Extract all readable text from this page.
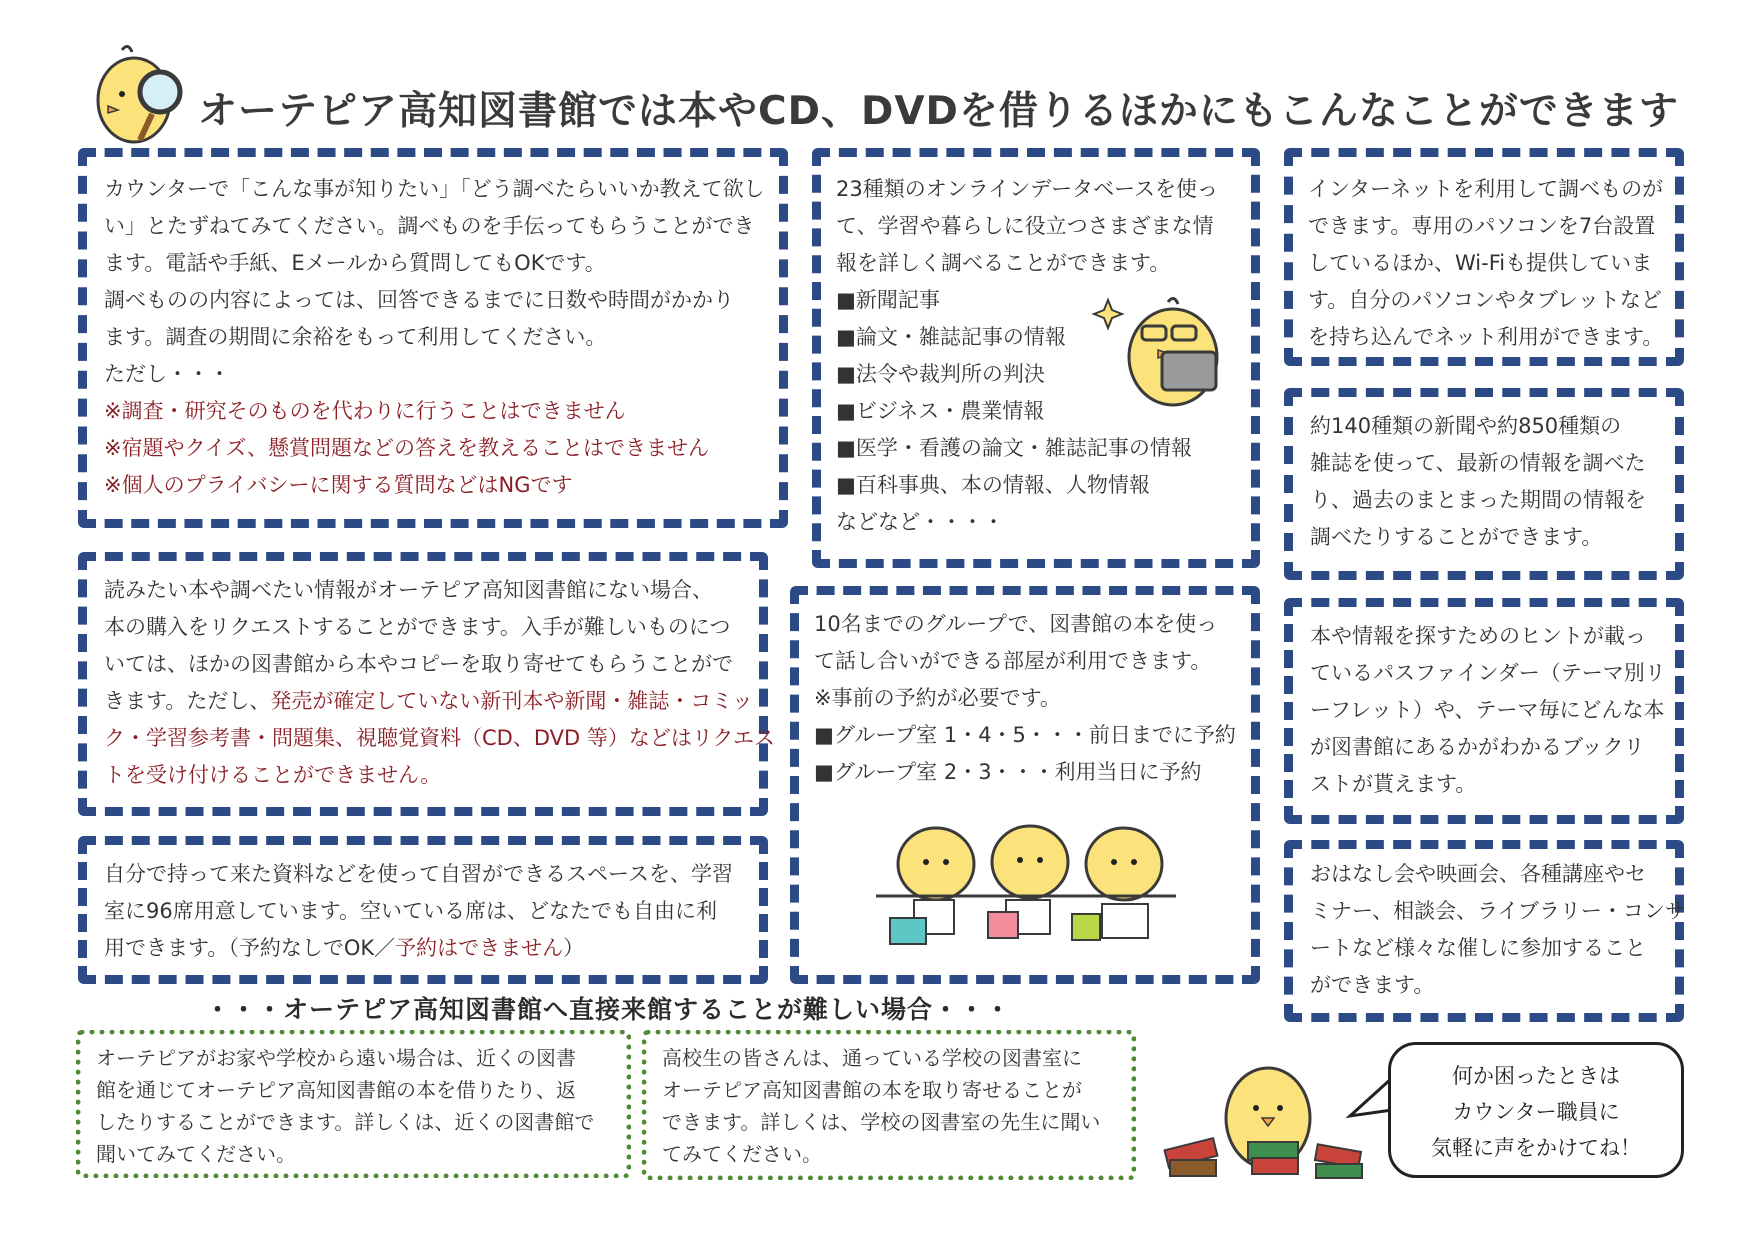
オーテピア高知図書館では本やCD、DVDを借りるほかにもこんなことができます
カウンターで「こんな事が知りたい」「どう調べたらいいか教えて欲し
い」とたずねてみてください。調べものを手伝ってもらうことができ
ます。電話や手紙、Eメールから質問してもOKです。
調べものの内容によっては、回答できるまでに日数や時間がかかり
ます。調査の期間に余裕をもって利用してください。
ただし・・・
※調査・研究そのものを代わりに行うことはできません
※宿題やクイズ、懸賞問題などの答えを教えることはできません
※個人のプライバシーに関する質問などはNGです
23種類のオンラインデータベースを使っ
て、学習や暮らしに役立つさまざまな情
報を詳しく調べることができます。
■新聞記事
■論文・雑誌記事の情報
■法令や裁判所の判決
■ビジネス・農業情報
■医学・看護の論文・雑誌記事の情報
■百科事典、本の情報、人物情報
などなど・・・・
インターネットを利用して調べものが
できます。専用のパソコンを7台設置
しているほか、Wi-Fiも提供していま
す。自分のパソコンやタブレットなど
を持ち込んでネット利用ができます。
約140種類の新聞や約850種類の
雑誌を使って、最新の情報を調べた
り、過去のまとまった期間の情報を
調べたりすることができます。
読みたい本や調べたい情報がオーテピア高知図書館にない場合、
本の購入をリクエストすることができます。入手が難しいものにつ
いては、ほかの図書館から本やコピーを取り寄せてもらうことがで
きます。ただし、発売が確定していない新刊本や新聞・雑誌・コミッ
ク・学習参考書・問題集、視聴覚資料（CD、DVD 等）などはリクエス
トを受け付けることができません。
10名までのグループで、図書館の本を使っ
て話し合いができる部屋が利用できます。
※事前の予約が必要です。
■グループ室 1・4・5・・・前日までに予約
■グループ室 2・3・・・利用当日に予約
本や情報を探すためのヒントが載っ
ているパスファインダー（テーマ別リ
ーフレット）や、テーマ毎にどんな本
が図書館にあるかがわかるブックリ
ストが貰えます。
自分で持って来た資料などを使って自習ができるスペースを、学習
室に96席用意しています。空いている席は、どなたでも自由に利
用できます。（予約なしでOK／予約はできません）
おはなし会や映画会、各種講座やセ
ミナー、相談会、ライブラリー・コンサ
ートなど様々な催しに参加すること
ができます。
・・・オーテピア高知図書館へ直接来館することが難しい場合・・・
オーテピアがお家や学校から遠い場合は、近くの図書
館を通じてオーテピア高知図書館の本を借りたり、返
したりすることができます。詳しくは、近くの図書館で
聞いてみてください。
高校生の皆さんは、通っている学校の図書室に
オーテピア高知図書館の本を取り寄せることが
できます。詳しくは、学校の図書室の先生に聞い
てみてください。
何か困ったときは
カウンター職員に
気軽に声をかけてね！
